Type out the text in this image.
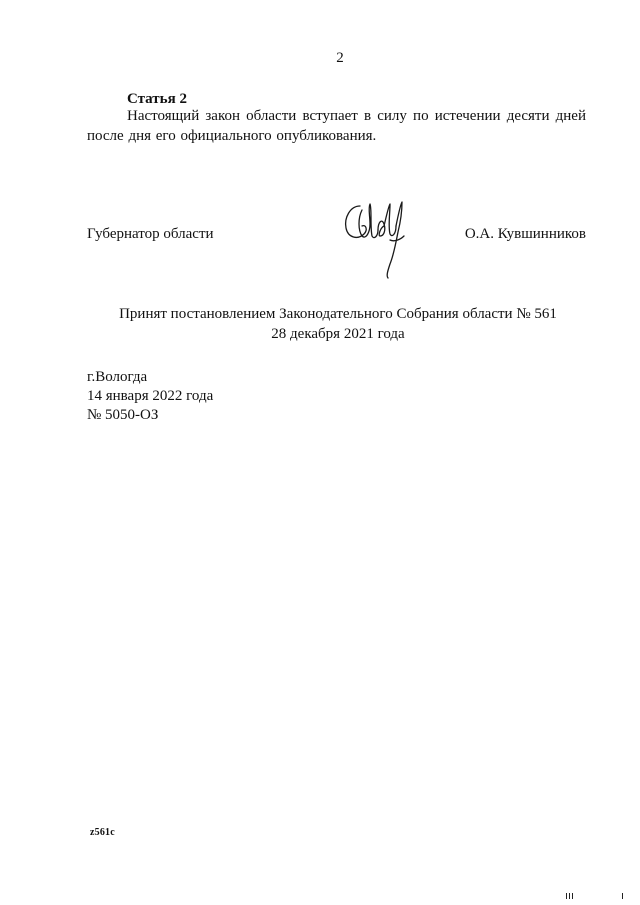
2
Статья 2
Настоящий закон области вступает в силу по истечении десяти дней после дня его официального опубликования.
Губернатор области	О.А. Кувшинников
Принят постановлением Законодательного Собрания области № 561
28 декабря 2021 года
г.Вологда
14 января 2022 года
№ 5050-ОЗ
z561c
